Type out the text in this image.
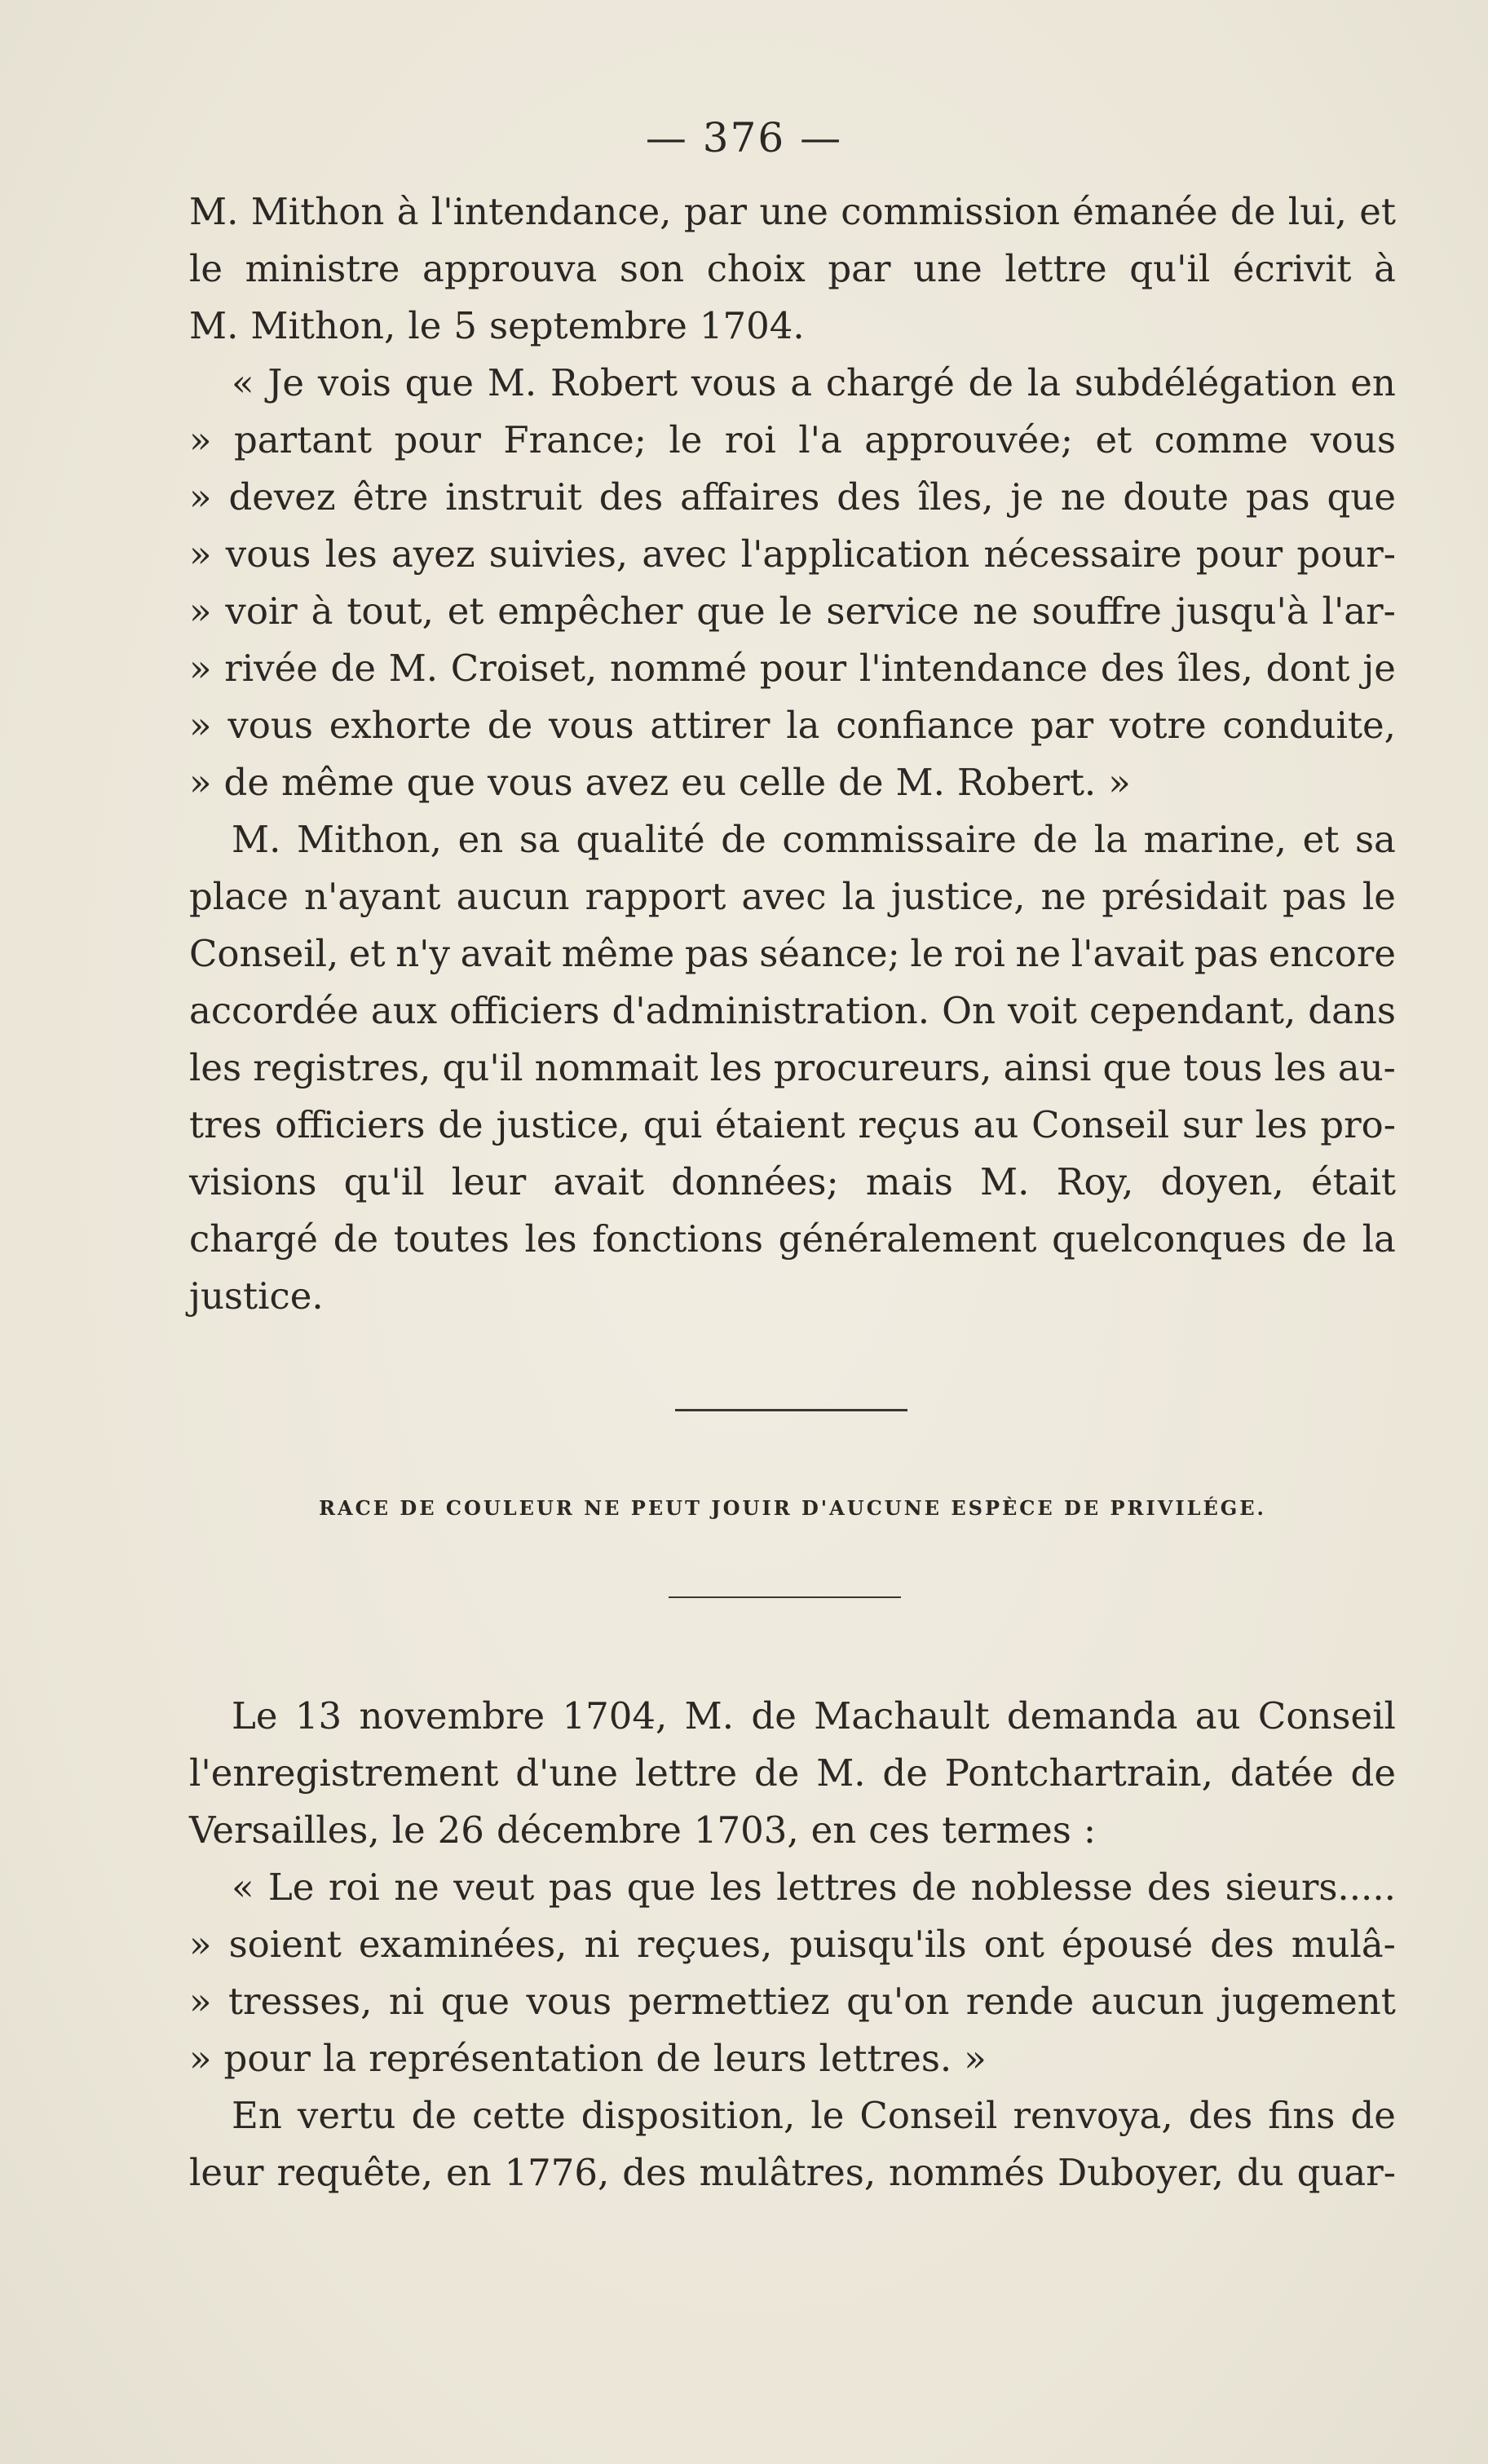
— 376 —
M. Mithon à l'intendance, par une commission émanée de lui, et
le ministre approuva son choix par une lettre qu'il écrivit à
M. Mithon, le 5 septembre 1704.
« Je vois que M. Robert vous a chargé de la subdélégation en
» partant pour France; le roi l'a approuvée; et comme vous
» devez être instruit des affaires des îles, je ne doute pas que
» vous les ayez suivies, avec l'application nécessaire pour pour-
» voir à tout, et empêcher que le service ne souffre jusqu'à l'ar-
» rivée de M. Croiset, nommé pour l'intendance des îles, dont je
» vous exhorte de vous attirer la confiance par votre conduite,
» de même que vous avez eu celle de M. Robert. »
M. Mithon, en sa qualité de commissaire de la marine, et sa
place n'ayant aucun rapport avec la justice, ne présidait pas le
Conseil, et n'y avait même pas séance; le roi ne l'avait pas encore
accordée aux officiers d'administration. On voit cependant, dans
les registres, qu'il nommait les procureurs, ainsi que tous les au-
tres officiers de justice, qui étaient reçus au Conseil sur les pro-
visions qu'il leur avait données; mais M. Roy, doyen, était
chargé de toutes les fonctions généralement quelconques de la
justice.
RACE DE COULEUR NE PEUT JOUIR D'AUCUNE ESPÈCE DE PRIVILÉGE.
Le 13 novembre 1704, M. de Machault demanda au Conseil
l'enregistrement d'une lettre de M. de Pontchartrain, datée de
Versailles, le 26 décembre 1703, en ces termes :
« Le roi ne veut pas que les lettres de noblesse des sieurs.....
» soient examinées, ni reçues, puisqu'ils ont épousé des mulâ-
» tresses, ni que vous permettiez qu'on rende aucun jugement
» pour la représentation de leurs lettres. »
En vertu de cette disposition, le Conseil renvoya, des fins de
leur requête, en 1776, des mulâtres, nommés Duboyer, du quar-
